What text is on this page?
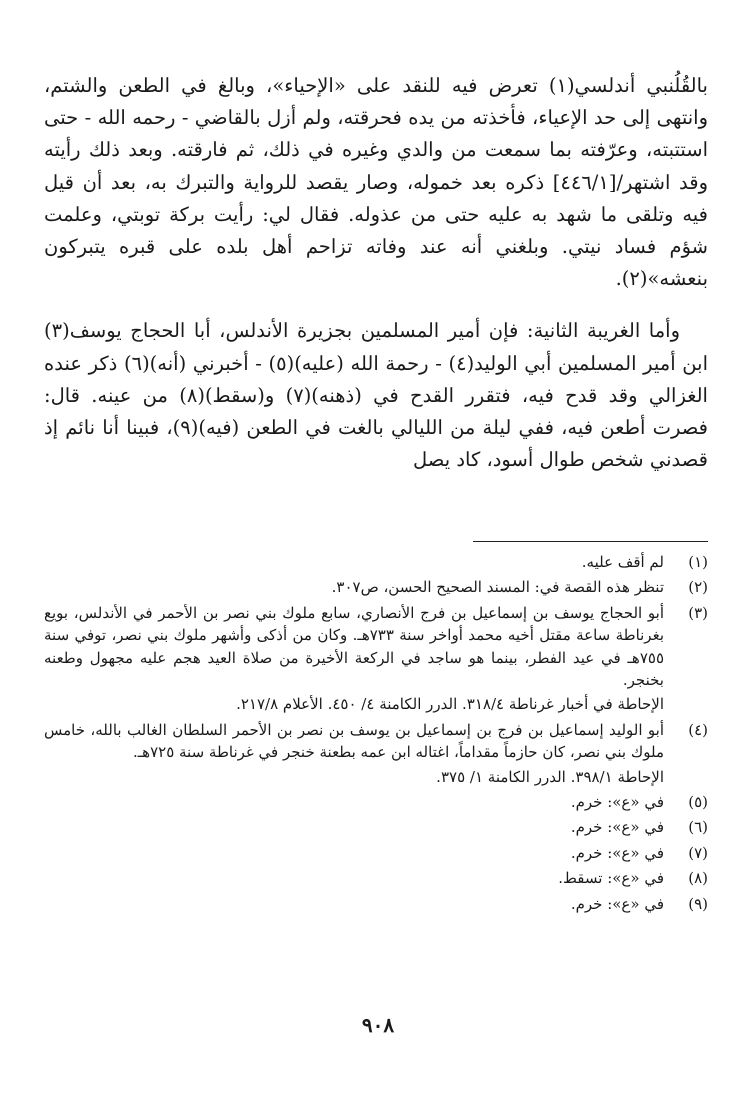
بالقُلُنبي أندلسي(١) تعرض فيه للنقد على «الإحياء»، وبالغ في الطعن والشتم، وانتهى إلى حد الإعياء، فأخذته من يده فحرقته، ولم أزل بالقاضي - رحمه الله - حتى استتبته، وعرّفته بما سمعت من والدي وغيره في ذلك، ثم فارقته. وبعد ذلك رأيته وقد اشتهر/[٤٤٦/١] ذكره بعد خموله، وصار يقصد للرواية والتبرك به، بعد أن قيل فيه وتلقى ما شهد به عليه حتى من عذوله. فقال لي: رأيت بركة توبتي، وعلمت شؤم فساد نيتي. وبلغني أنه عند وفاته تزاحم أهل بلده على قبره يتبركون بنعشه»(٢).

وأما الغريبة الثانية: فإن أمير المسلمين بجزيرة الأندلس، أبا الحجاج يوسف(٣) ابن أمير المسلمين أبي الوليد(٤) - رحمة الله (عليه)(٥) - أخبرني (أنه)(٦) ذكر عنده الغزالي وقد قدح فيه، فتقرر القدح في (ذهنه)(٧) و(سقط)(٨) من عينه. قال: فصرت أطعن فيه، ففي ليلة من الليالي بالغت في الطعن (فيه)(٩)، فبينا أنا نائم إذ قصدني شخص طوال أسود، كاد يصل

(١)
لم أقف عليه.
(٢)
تنظر هذه القصة في: المسند الصحيح الحسن، ص٣٠٧.
(٣)
أبو الحجاج يوسف بن إسماعيل بن فرج الأنصاري، سابع ملوك بني نصر بن الأحمر في الأندلس، بويع بغرناطة ساعة مقتل أخيه محمد أواخر سنة ٧٣٣هـ. وكان من أذكى وأشهر ملوك بني نصر، توفي سنة ٧٥٥هـ في عيد الفطر، بينما هو ساجد في الركعة الأخيرة من صلاة العيد هجم عليه مجهول وطعنه بخنجر.
الإحاطة في أخبار غرناطة ٣١٨/٤. الدرر الكامنة ٤/ ٤٥٠. الأعلام ٢١٧/٨.
(٤)
أبو الوليد إسماعيل بن فرج بن إسماعيل بن يوسف بن نصر بن الأحمر السلطان الغالب بالله، خامس ملوك بني نصر، كان حازماً مقداماً، اغتاله ابن عمه بطعنة خنجر في غرناطة سنة ٧٢٥هـ.
الإحاطة ٣٩٨/١. الدرر الكامنة ١/ ٣٧٥.
(٥)
في «ع»: خرم.
(٦)
في «ع»: خرم.
(٧)
في «ع»: خرم.
(٨)
في «ع»: تسقط.
(٩)
في «ع»: خرم.
٩٠٨
